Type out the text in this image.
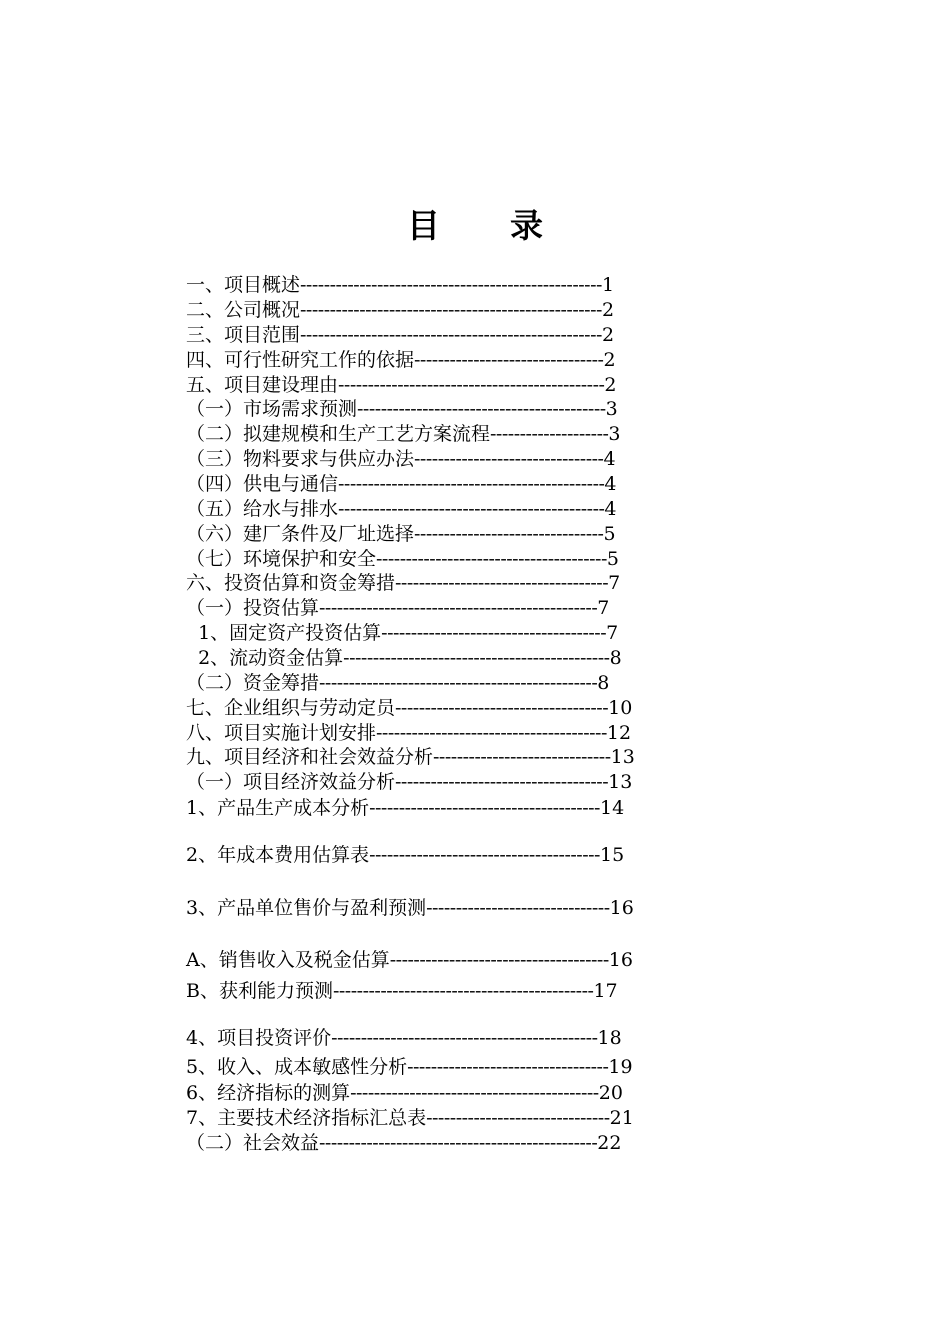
目 录
一、项目概述---------------------------------------------------1
二、公司概况---------------------------------------------------2
三、项目范围---------------------------------------------------2
四、可行性研究工作的依据--------------------------------2
五、项目建设理由---------------------------------------------2
（一）市场需求预测------------------------------------------3
（二）拟建规模和生产工艺方案流程--------------------3
（三）物料要求与供应办法--------------------------------4
（四）供电与通信---------------------------------------------4
（五）给水与排水---------------------------------------------4
（六）建厂条件及厂址选择--------------------------------5
（七）环境保护和安全---------------------------------------5
六、投资估算和资金筹措------------------------------------7
（一）投资估算-----------------------------------------------7
1、固定资产投资估算--------------------------------------7
2、流动资金估算---------------------------------------------8
（二）资金筹措-----------------------------------------------8
七、企业组织与劳动定员------------------------------------10
八、项目实施计划安排---------------------------------------12
九、项目经济和社会效益分析------------------------------13
（一）项目经济效益分析------------------------------------13
1、产品生产成本分析---------------------------------------14
2、年成本费用估算表---------------------------------------15
3、产品单位售价与盈利预测-------------------------------16
A、销售收入及税金估算-------------------------------------16
B、获利能力预测--------------------------------------------17
4、项目投资评价---------------------------------------------18
5、收入、成本敏感性分析----------------------------------19
6、经济指标的测算------------------------------------------20
7、主要技术经济指标汇总表-------------------------------21
（二）社会效益-----------------------------------------------22
